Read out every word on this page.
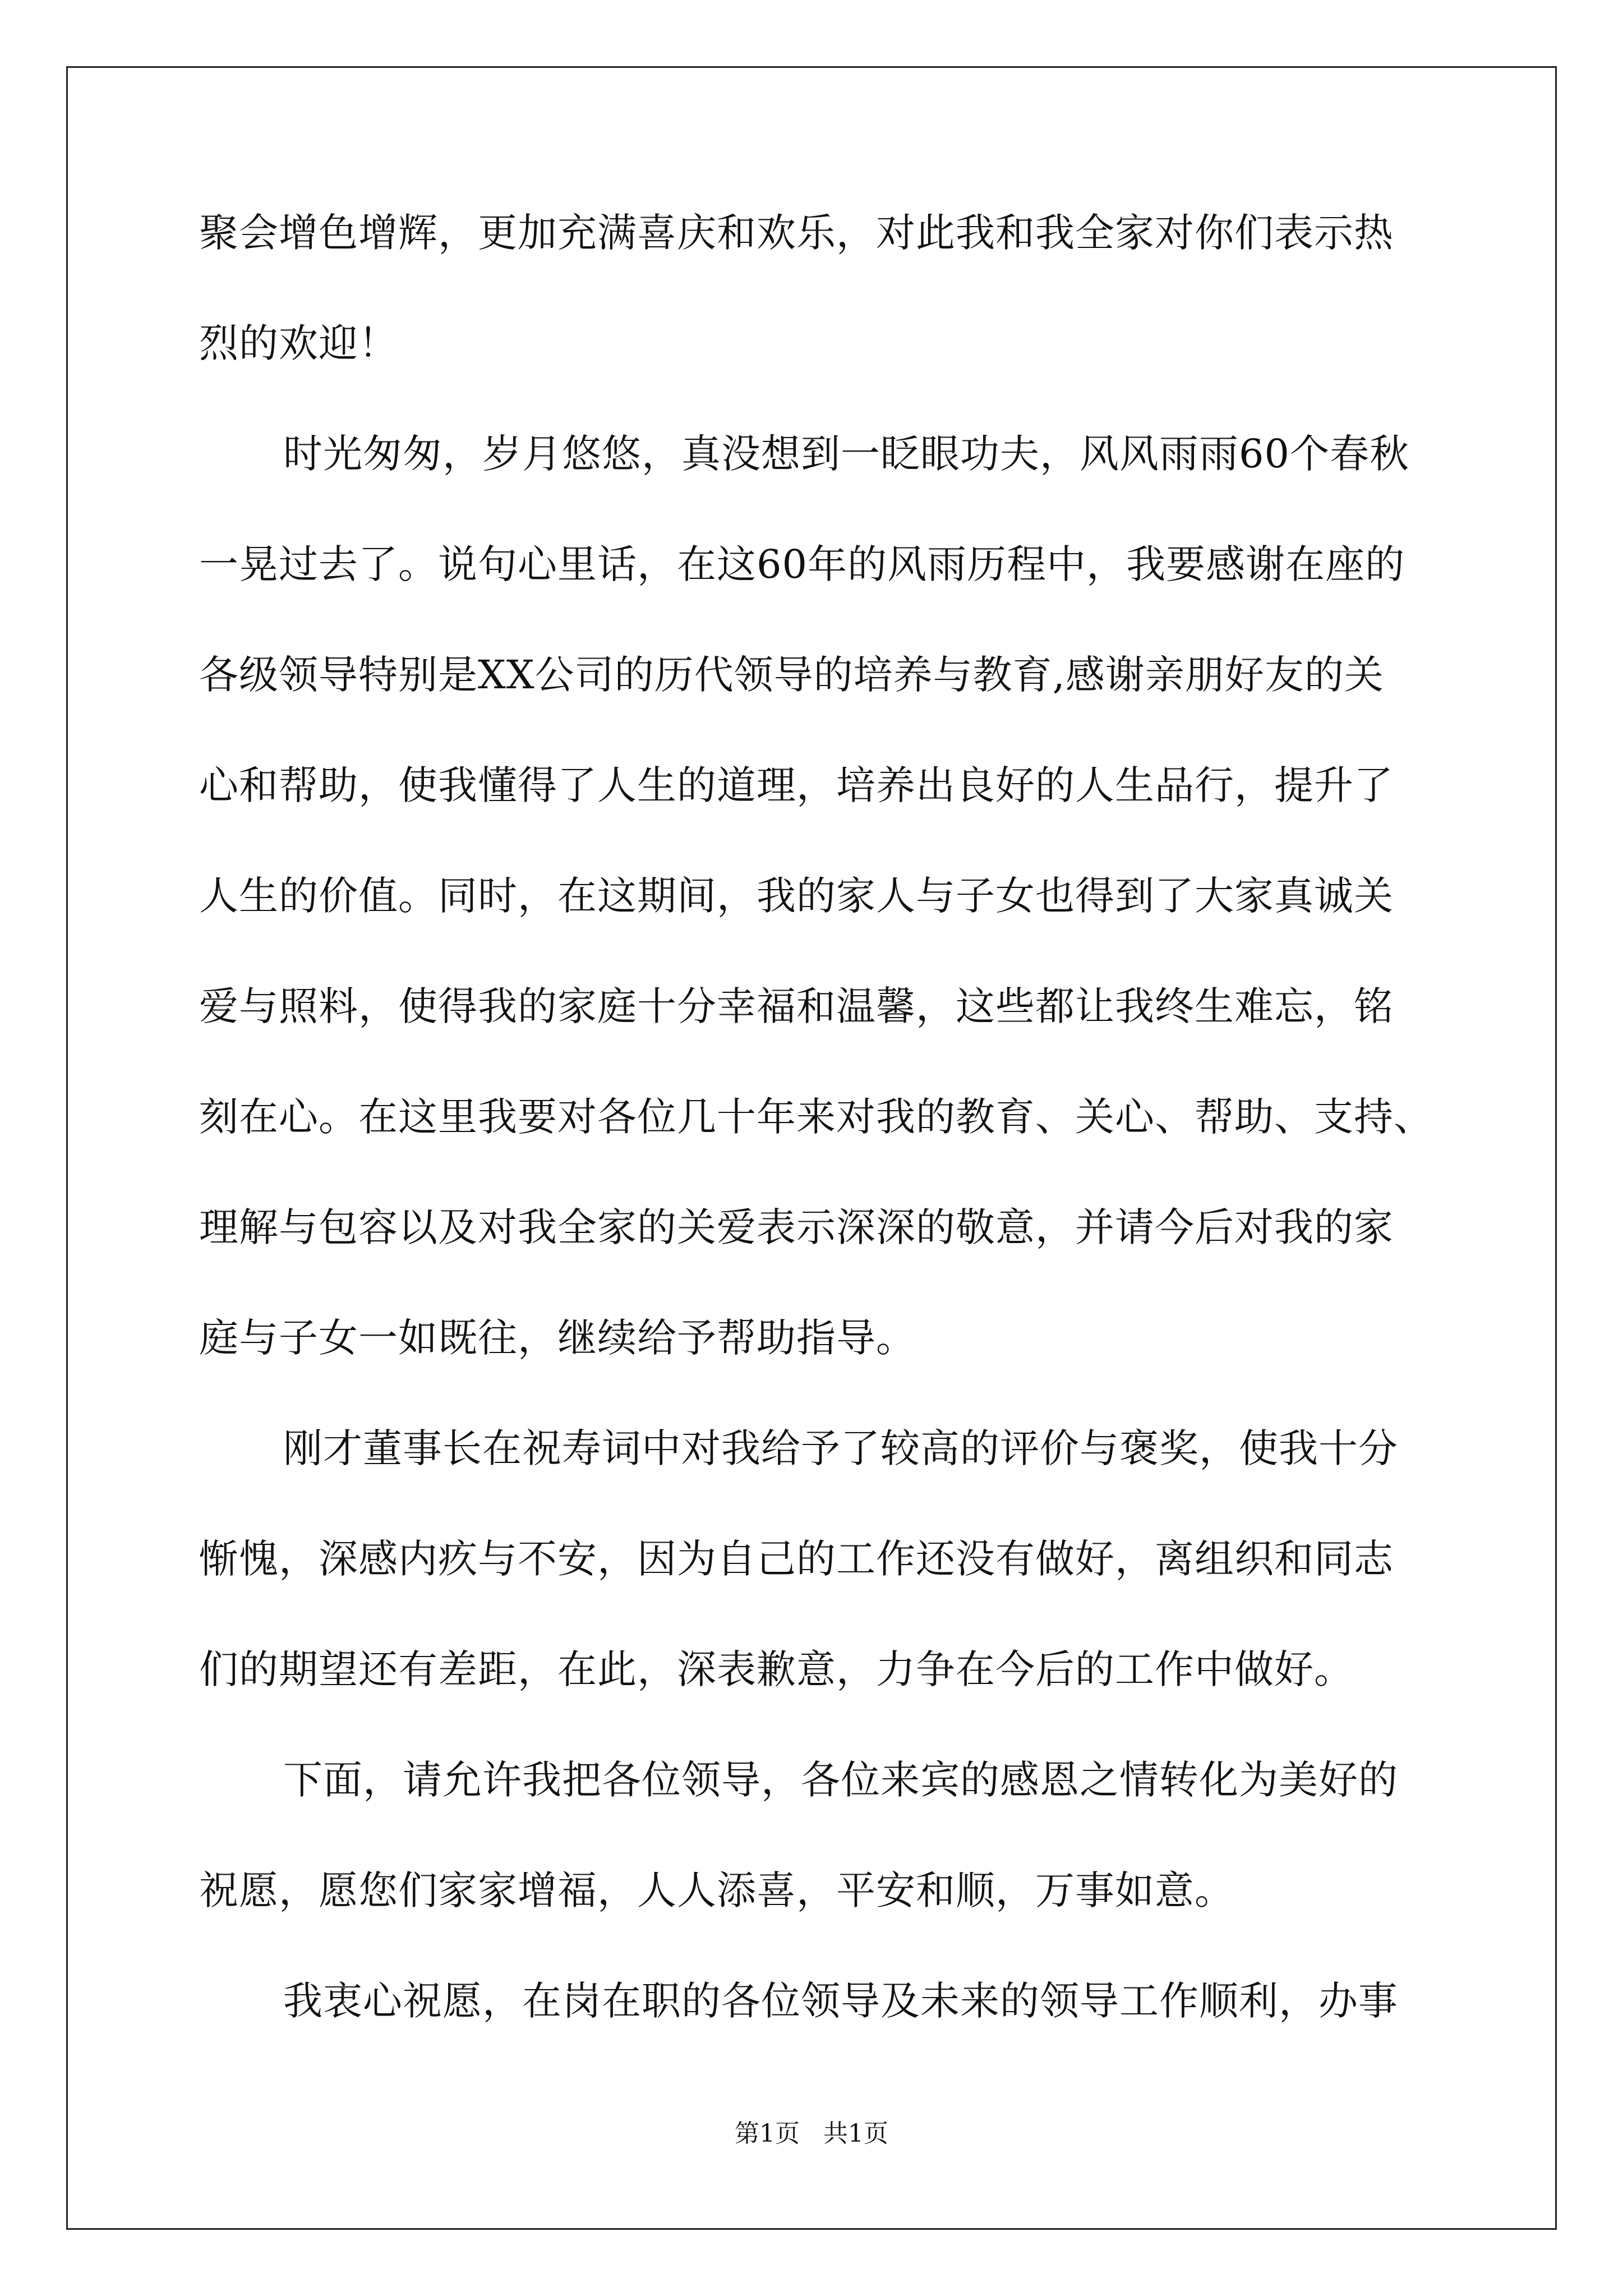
聚会增色增辉，更加充满喜庆和欢乐，对此我和我全家对你们表示热
烈的欢迎！
时光匆匆，岁月悠悠，真没想到一眨眼功夫，风风雨雨60个春秋
一晃过去了。说句心里话，在这60年的风雨历程中，我要感谢在座的
各级领导特别是XX公司的历代领导的培养与教育,感谢亲朋好友的关
心和帮助，使我懂得了人生的道理，培养出良好的人生品行，提升了
人生的价值。同时，在这期间，我的家人与子女也得到了大家真诚关
爱与照料，使得我的家庭十分幸福和温馨，这些都让我终生难忘，铭
刻在心。在这里我要对各位几十年来对我的教育、关心、帮助、支持、
理解与包容以及对我全家的关爱表示深深的敬意，并请今后对我的家
庭与子女一如既往，继续给予帮助指导。
刚才董事长在祝寿词中对我给予了较高的评价与褒奖，使我十分
惭愧，深感内疚与不安，因为自己的工作还没有做好，离组织和同志
们的期望还有差距，在此，深表歉意，力争在今后的工作中做好。
下面，请允许我把各位领导，各位来宾的感恩之情转化为美好的
祝愿，愿您们家家增福，人人添喜，平安和顺，万事如意。
我衷心祝愿，在岗在职的各位领导及未来的领导工作顺利，办事
第1页 共1页
